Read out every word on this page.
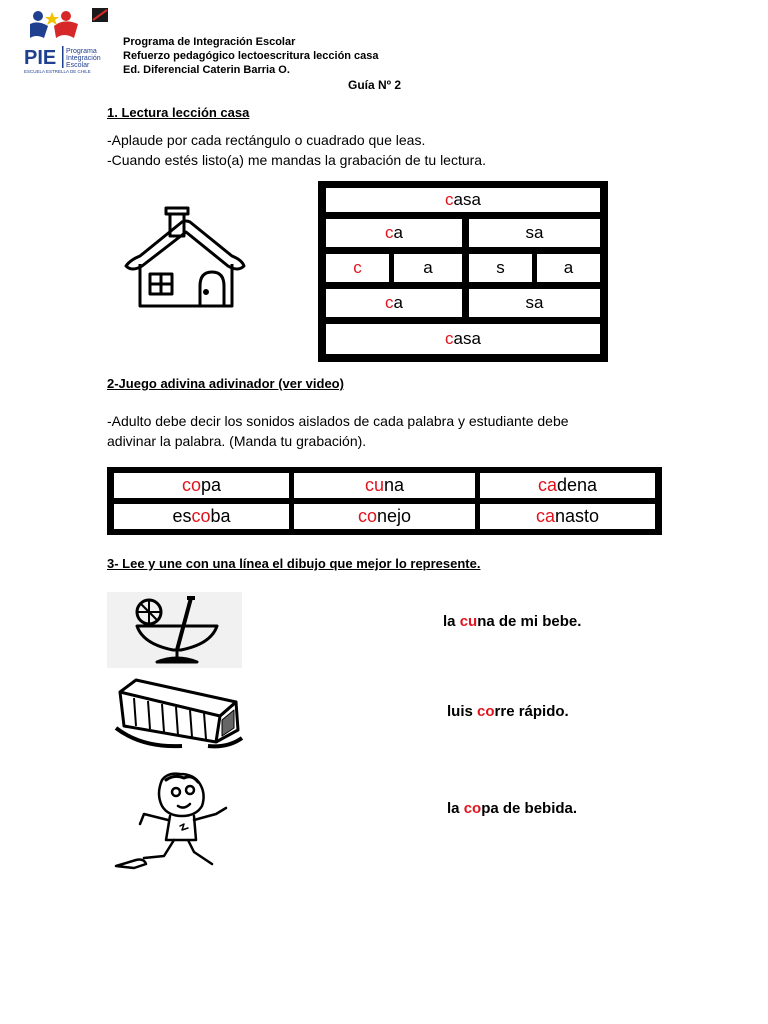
PIE Programa
Integración
Escolar
ESCUELA ESTRELLA DE CHILE
Programa de Integración Escolar
Refuerzo pedagógico lectoescritura lección casa
Ed. Diferencial Caterin Barria O.
Guía Nº 2
1. Lectura lección casa
-Aplaude por cada rectángulo o cuadrado que leas.
-Cuando estés listo(a) me mandas la grabación de tu lectura.
c asa
c a	sa
c	a	s	a
c a	sa
c asa
2-Juego adivina adivinador (ver video)
-Adulto debe decir los sonidos aislados de cada palabra y estudiante debe
adivinar la palabra. (Manda tu grabación).
co pa	cu na	ca dena
es co ba	co nejo	ca nasto
3- Lee y une con una línea el dibujo que mejor lo represente.
la cuna de mi bebe.
luis corre rápido.
la copa de bebida.
